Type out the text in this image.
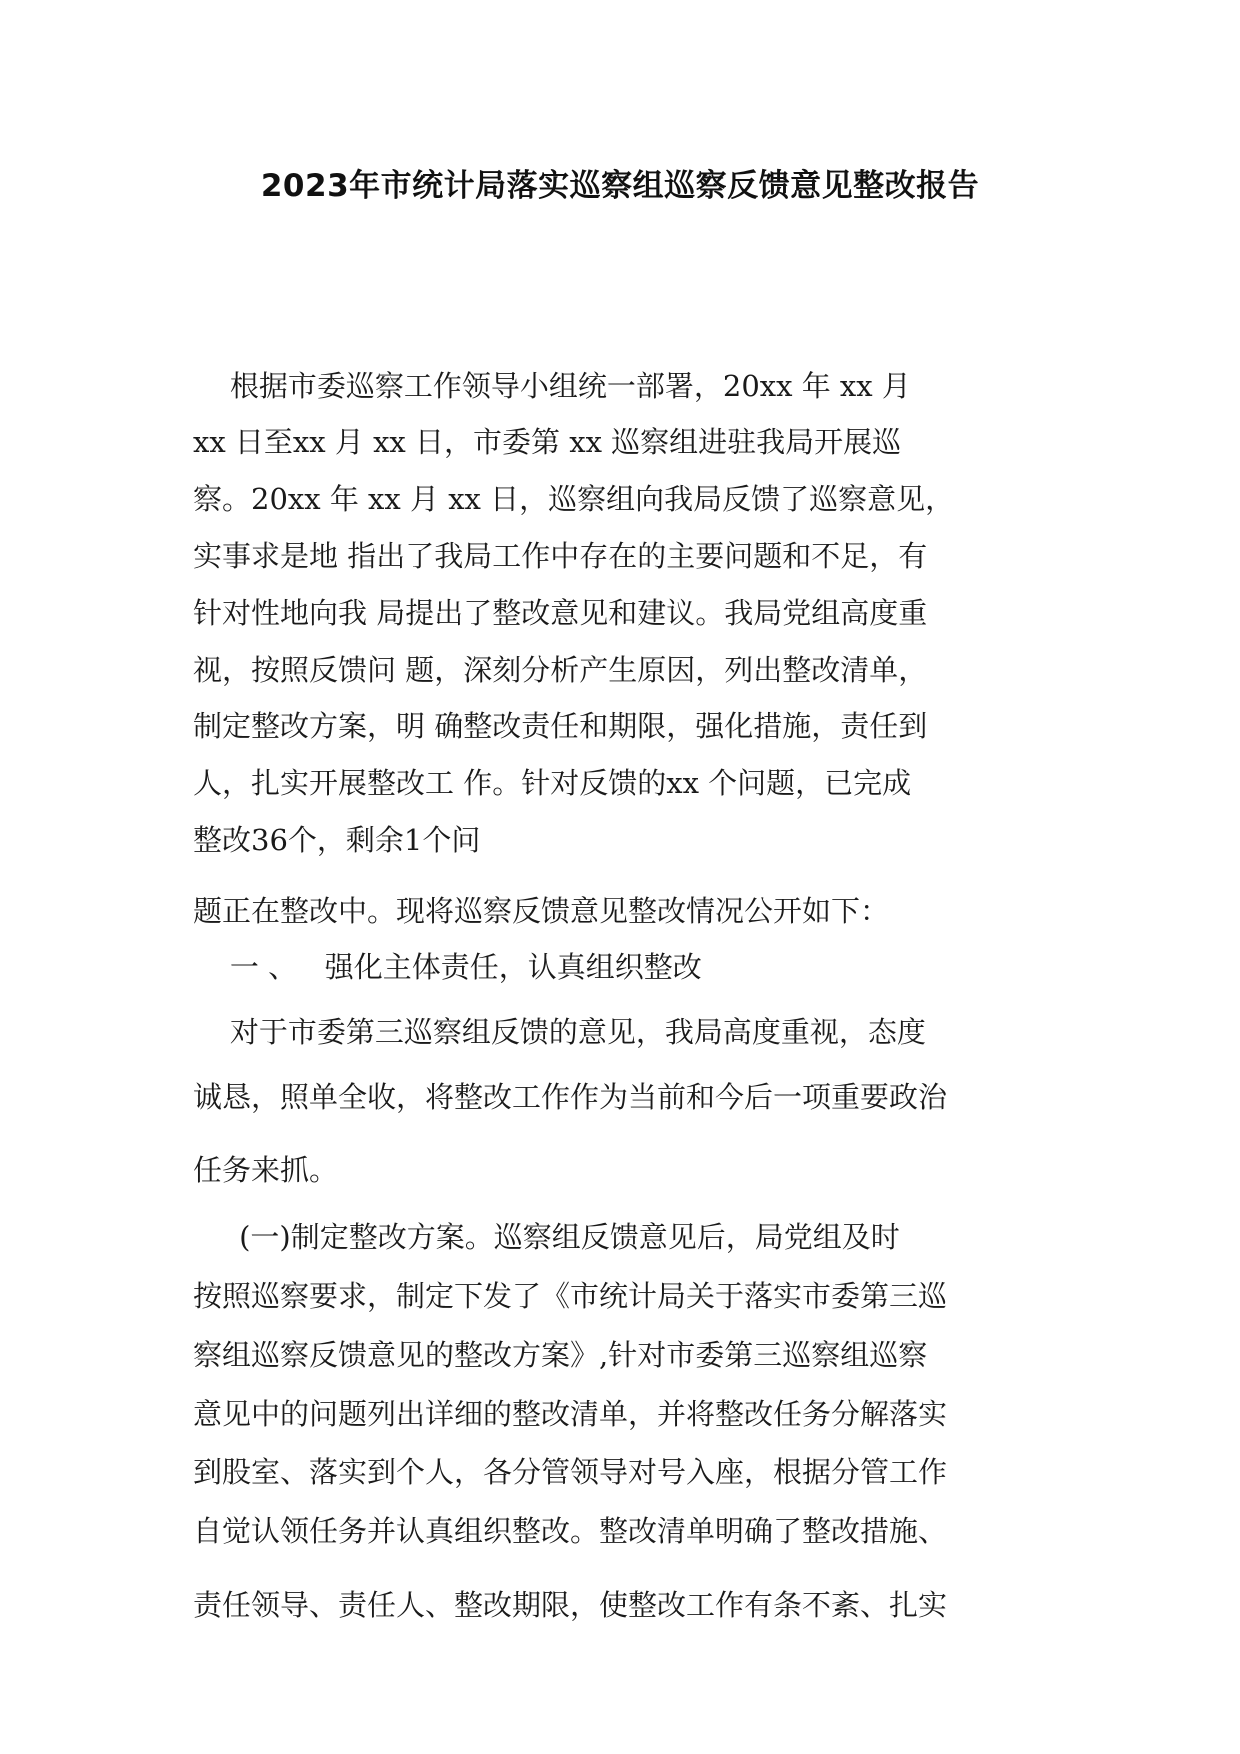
2023年市统计局落实巡察组巡察反馈意见整改报告
根据市委巡察工作领导小组统一部署，20xx 年 xx 月
xx 日至xx 月 xx 日，市委第 xx 巡察组进驻我局开展巡
察。20xx 年 xx 月 xx 日，巡察组向我局反馈了巡察意见，
实事求是地 指出了我局工作中存在的主要问题和不足，有
针对性地向我 局提出了整改意见和建议。我局党组高度重
视，按照反馈问 题，深刻分析产生原因，列出整改清单，
制定整改方案，明 确整改责任和期限，强化措施，责任到
人，扎实开展整改工 作。针对反馈的xx 个问题，已完成
整改36个，剩余1个问
题正在整改中。现将巡察反馈意见整改情况公开如下：
一 、   强化主体责任，认真组织整改
对于市委第三巡察组反馈的意见，我局高度重视，态度
诚恳，照单全收，将整改工作作为当前和今后一项重要政治
任务来抓。
(一)制定整改方案。巡察组反馈意见后，局党组及时
按照巡察要求，制定下发了《市统计局关于落实市委第三巡
察组巡察反馈意见的整改方案》,针对市委第三巡察组巡察
意见中的问题列出详细的整改清单，并将整改任务分解落实
到股室、落实到个人，各分管领导对号入座，根据分管工作
自觉认领任务并认真组织整改。整改清单明确了整改措施、
责任领导、责任人、整改期限，使整改工作有条不紊、扎实
